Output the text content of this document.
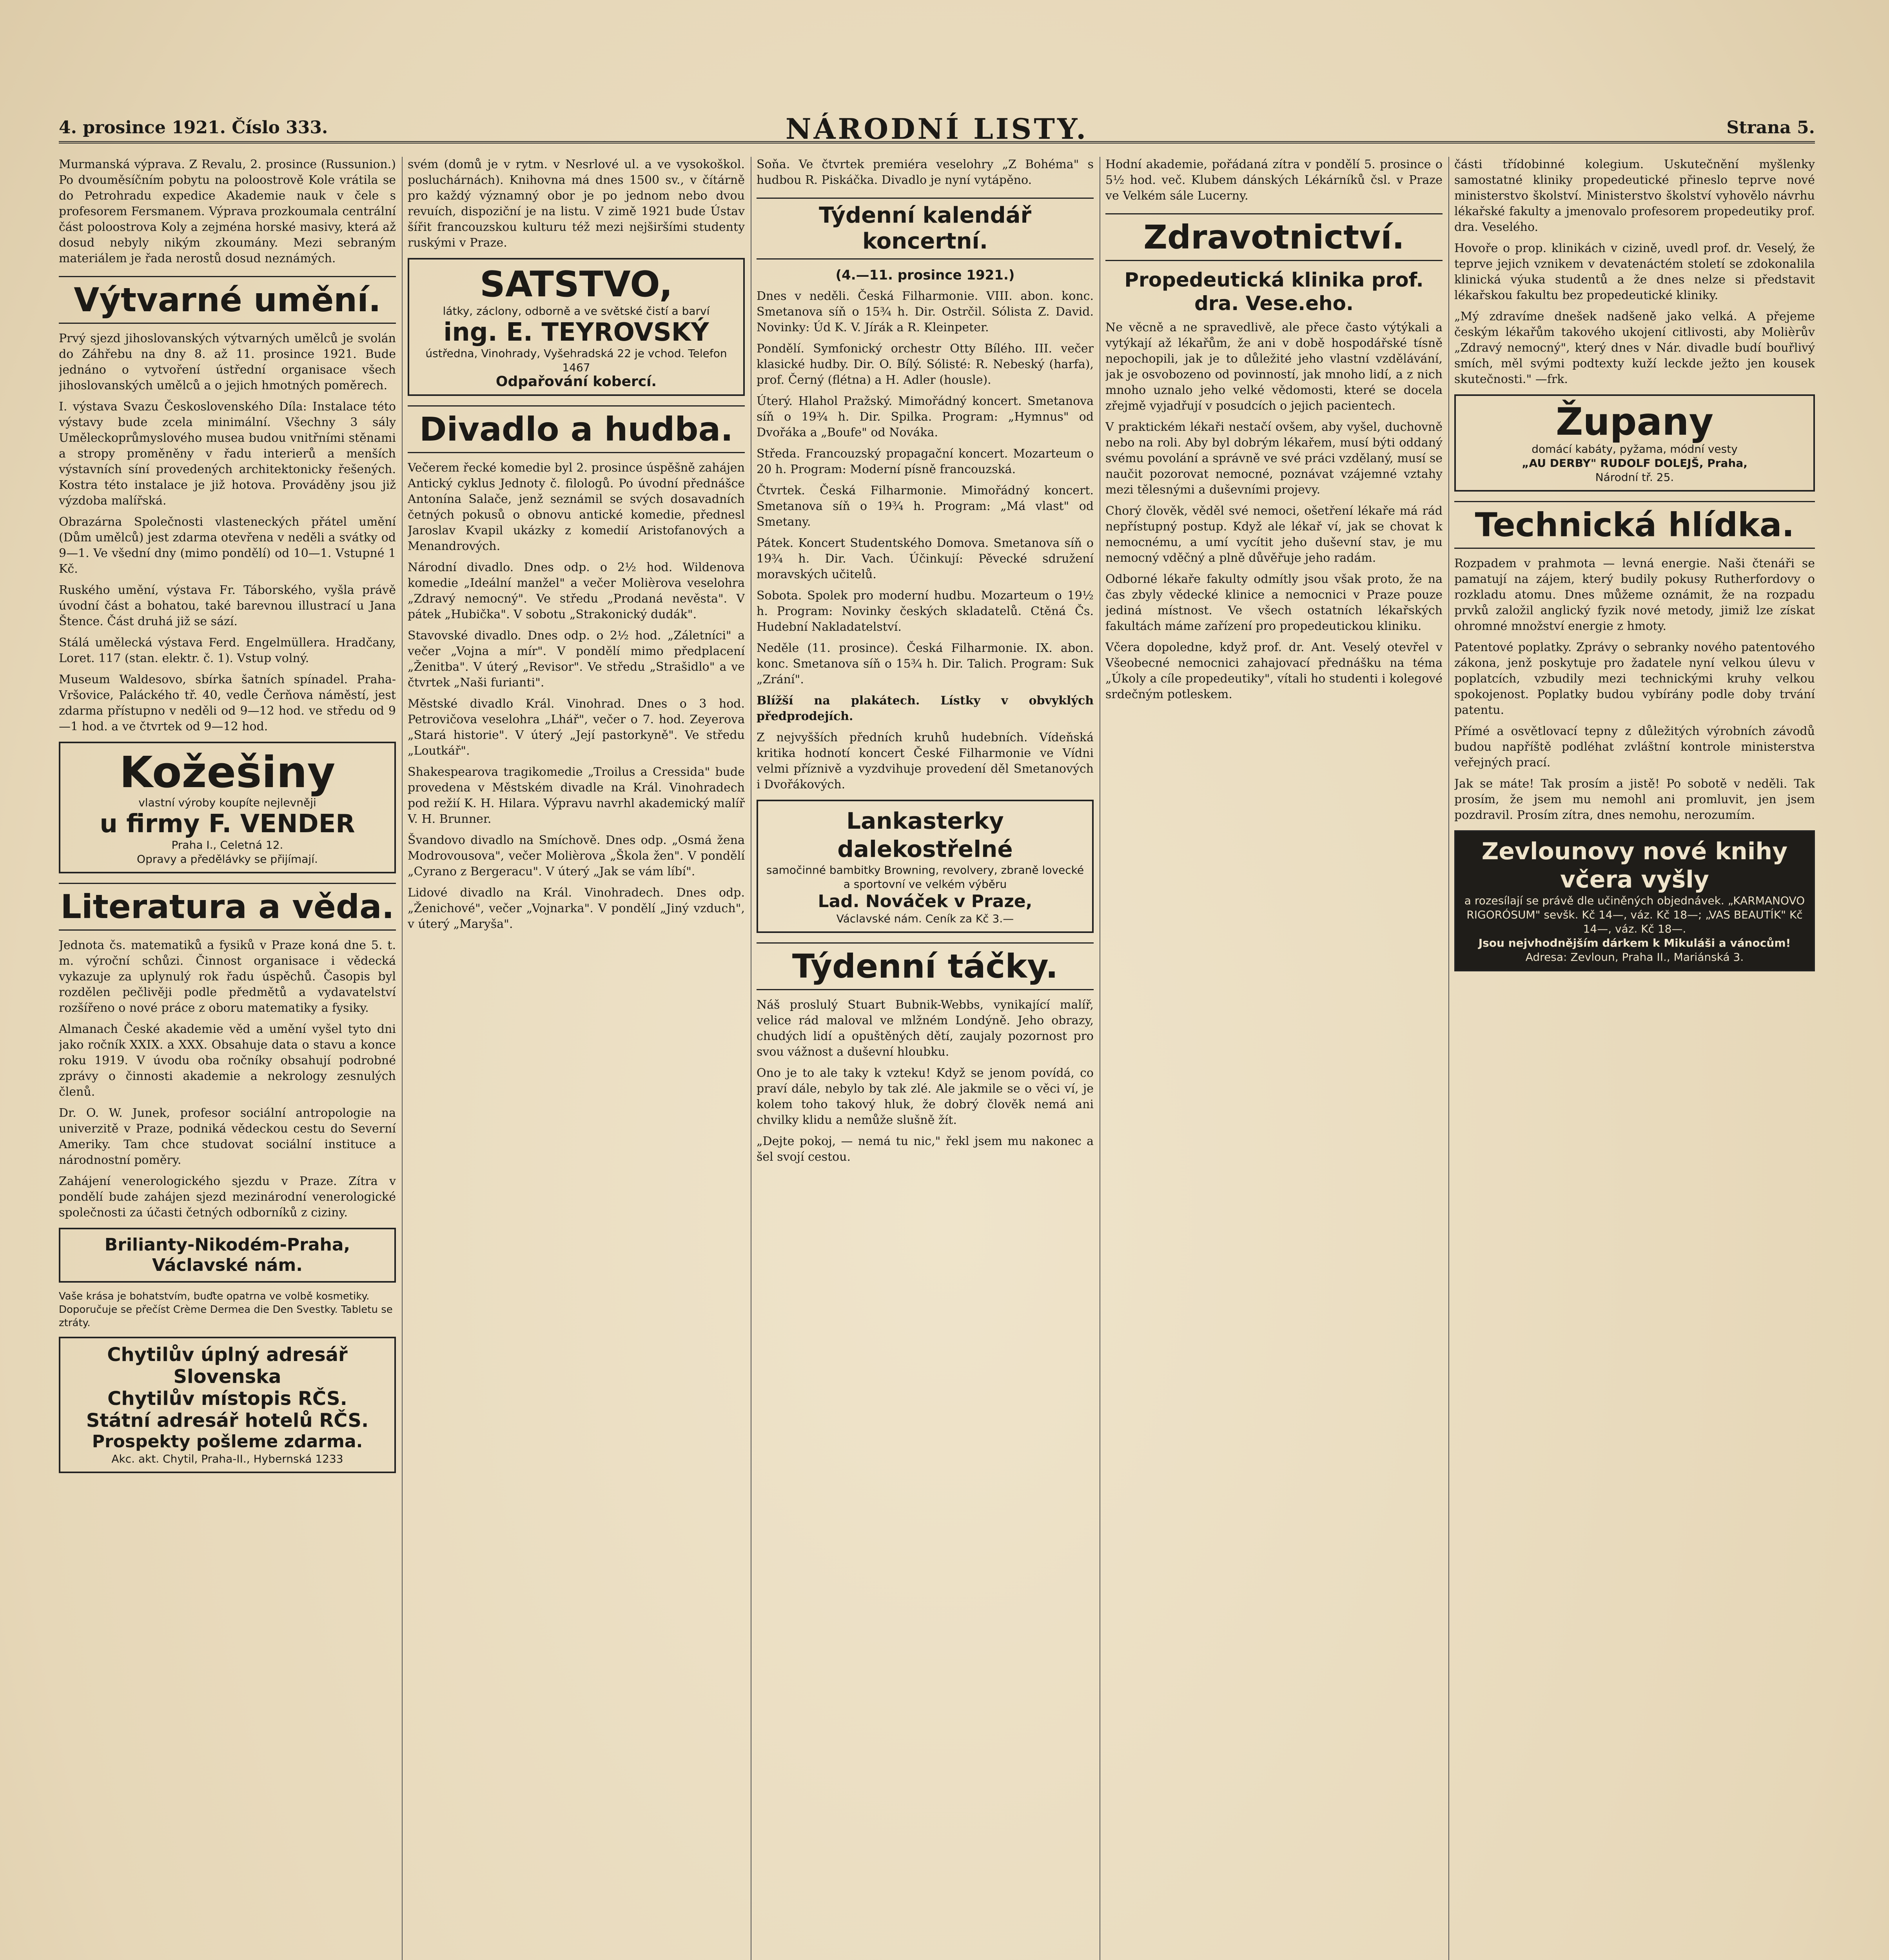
4. prosince 1921. Číslo 333.	NÁRODNÍ LISTY.	Strana 5.

Murmanská výprava. Z Revalu, 2. prosince (Russunion.) Po dvouměsíčním pobytu na poloostrově Kole vrátila se do Petrohradu expedice Akademie nauk v čele s profesorem Fersmanem. Výprava prozkoumala centrální část poloostrova Koly a zejména horské masivy, která až dosud nebyly nikým zkoumány. Mezi sebraným materiálem je řada nerostů dosud neznámých.

Výtvarné umění.

Prvý sjezd jihoslovanských výtvarných umělců je svolán do Záhřebu na dny 8. až 11. prosince 1921. Bude jednáno o vytvoření ústřední organisace všech jihoslovanských umělců a o jejich hmotných poměrech.

I. výstava Svazu Československého Díla: Instalace této výstavy bude zcela minimální. Všechny 3 sály Uměleckoprůmyslového musea budou vnitřními stěnami a stropy proměněny v řadu interierů a menších výstavních síní provedených architektonicky řešených. Kostra této instalace je již hotova. Prováděny jsou již výzdoba malířská.

Obrazárna Společnosti vlasteneckých přátel umění (Dům umělců) jest zdarma otevřena v neděli a svátky od 9—1. Ve všední dny (mimo pondělí) od 10—1. Vstupné 1 Kč.

Ruského umění, výstava Fr. Táborského, vyšla právě úvodní část a bohatou, také barevnou illustrací u Jana Štence. Část druhá již se sází.

Stálá umělecká výstava Ferd. Engelmüllera. Hradčany, Loret. 117 (stan. elektr. č. 1). Vstup volný.

Museum Waldesovo, sbírka šatních spínadel. Praha-Vršovice, Paláckého tř. 40, vedle Čerňova náměstí, jest zdarma přístupno v neděli od 9—12 hod. ve středu od 9—1 hod. a ve čtvrtek od 9—12 hod.

Kožešiny
vlastní výroby koupíte nejlevněji
u firmy F. VENDER
Praha I., Celetná 12.
Opravy a předělávky se přijímají.
Literatura a věda.

Jednota čs. matematiků a fysiků v Praze koná dne 5. t. m. výroční schůzi. Činnost organisace i vědecká vykazuje za uplynulý rok řadu úspěchů. Časopis byl rozdělen pečlivěji podle předmětů a vydavatelství rozšířeno o nové práce z oboru matematiky a fysiky.

Almanach České akademie věd a umění vyšel tyto dni jako ročník XXIX. a XXX. Obsahuje data o stavu a konce roku 1919. V úvodu oba ročníky obsahují podrobné zprávy o činnosti akademie a nekrology zesnulých členů.

Dr. O. W. Junek, profesor sociální antropologie na univerzitě v Praze, podniká vědeckou cestu do Severní Ameriky. Tam chce studovat sociální instituce a národnostní poměry.

Zahájení venerologického sjezdu v Praze. Zítra v pondělí bude zahájen sjezd mezinárodní venerologické společnosti za účasti četných odborníků z ciziny.

Brilianty-Nikodém-Praha, Václavské nám.

Vaše krása je bohatstvím, buďte opatrna ve volbě kosmetiky. Doporučuje se přečíst Crème Dermea die Den Svestky. Tabletu se ztráty.

Chytilův úplný adresář Slovenska
Chytilův místopis RČS.
Státní adresář hotelů RČS.
Prospekty pošleme zdarma.
Akc. akt. Chytil, Praha-II., Hybernská 1233

svém (domů je v rytm. v Nesrlové ul. a ve vysokoškol. posluchárnách). Knihovna má dnes 1500 sv., v čítárně pro každý významný obor je po jednom nebo dvou revuích, dispoziční je na listu. V zimě 1921 bude Ústav šířit francouzskou kulturu též mezi nejširšími studenty ruskými v Praze.

SATSTVO,
látky, záclony, odborně a ve světské čistí a barví
ing. E. TEYROVSKÝ
ústředna, Vinohrady, Vyšehradská 22 je vchod. Telefon 1467
Odpařování kobercí.
Divadlo a hudba.

Večerem řecké komedie byl 2. prosince úspěšně zahájen Antický cyklus Jednoty č. filologů. Po úvodní přednášce Antonína Salače, jenž seznámil se svých dosavadních četných pokusů o obnovu antické komedie, přednesl Jaroslav Kvapil ukázky z komedií Aristofanových a Menandrových.

Národní divadlo. Dnes odp. o 2½ hod. Wildenova komedie „Ideální manžel" a večer Molièrova veselohra „Zdravý nemocný". Ve středu „Prodaná nevěsta". V pátek „Hubička". V sobotu „Strakonický dudák".

Stavovské divadlo. Dnes odp. o 2½ hod. „Záletníci" a večer „Vojna a mír". V pondělí mimo předplacení „Ženitba". V úterý „Revisor". Ve středu „Strašidlo" a ve čtvrtek „Naši furianti".

Městské divadlo Král. Vinohrad. Dnes o 3 hod. Petrovičova veselohra „Lhář", večer o 7. hod. Zeyerova „Stará historie". V úterý „Její pastorkyně". Ve středu „Loutkář".

Shakespearova tragikomedie „Troilus a Cressida" bude provedena v Městském divadle na Král. Vinohradech pod režií K. H. Hilara. Výpravu navrhl akademický malíř V. H. Brunner.

Švandovo divadlo na Smíchově. Dnes odp. „Osmá žena Modrovousova", večer Molièrova „Škola žen". V pondělí „Cyrano z Bergeracu". V úterý „Jak se vám líbí".

Lidové divadlo na Král. Vinohradech. Dnes odp. „Ženichové", večer „Vojnarka". V pondělí „Jiný vzduch", v úterý „Maryša".

Soňa. Ve čtvrtek premiéra veselohry „Z Bohéma" s hudbou R. Piskáčka. Divadlo je nyní vytápěno.

Týdenní kalendář koncertní.
(4.—11. prosince 1921.)

Dnes v neděli. Česká Filharmonie. VIII. abon. konc. Smetanova síň o 15¾ h. Dir. Ostrčil. Sólista Z. David. Novinky: Úd K. V. Jírák a R. Kleinpeter.

Pondělí. Symfonický orchestr Otty Bílého. III. večer klasické hudby. Dir. O. Bílý. Sólisté: R. Nebeský (harfa), prof. Černý (flétna) a H. Adler (housle).

Úterý. Hlahol Pražský. Mimořádný koncert. Smetanova síň o 19¾ h. Dir. Spilka. Program: „Hymnus" od Dvořáka a „Boufe" od Nováka.

Středa. Francouzský propagační koncert. Mozarteum o 20 h. Program: Moderní písně francouzská.

Čtvrtek. Česká Filharmonie. Mimořádný koncert. Smetanova síň o 19¾ h. Program: „Má vlast" od Smetany.

Pátek. Koncert Studentského Domova. Smetanova síň o 19¾ h. Dir. Vach. Účinkují: Pěvecké sdružení moravských učitelů.

Sobota. Spolek pro moderní hudbu. Mozarteum o 19½ h. Program: Novinky českých skladatelů. Ctěná Čs. Hudební Nakladatelství.

Neděle (11. prosince). Česká Filharmonie. IX. abon. konc. Smetanova síň o 15¾ h. Dir. Talich. Program: Suk „Zrání".

Blížší na plakátech. Lístky v obvyklých předprodejích.

Z nejvyšších předních kruhů hudebních. Vídeňská kritika hodnotí koncert České Filharmonie ve Vídni velmi příznivě a vyzdvihuje provedení děl Smetanových i Dvořákových.

Lankasterky dalekostřelné
samočinné bambitky Browning, revolvery, zbraně lovecké a sportovní ve velkém výběru
Lad. Nováček v Praze,
Václavské nám. Ceník za Kč 3.—
Týdenní táčky.

Náš proslulý Stuart Bubnik-Webbs, vynikající malíř, velice rád maloval ve mlžném Londýně. Jeho obrazy, chudých lidí a opuštěných dětí, zaujaly pozornost pro svou vážnost a duševní hloubku.

Ono je to ale taky k vzteku! Když se jenom povídá, co praví dále, nebylo by tak zlé. Ale jakmile se o věci ví, je kolem toho takový hluk, že dobrý člověk nemá ani chvilky klidu a nemůže slušně žít.

„Dejte pokoj, — nemá tu nic," řekl jsem mu nakonec a šel svojí cestou.

Hodní akademie, pořádaná zítra v pondělí 5. prosince o 5½ hod. več. Klubem dánských Lékárníků čsl. v Praze ve Velkém sále Lucerny.

Zdravotnictví.
Propedeutická klinika prof. dra. Vese.eho.

Ne věcně a ne spravedlivě, ale přece často výtýkali a vytýkají až lékařům, že ani v době hospodářské tísně nepochopili, jak je to důležité jeho vlastní vzdělávání, jak je osvobozeno od povinností, jak mnoho lidí, a z nich mnoho uznalo jeho velké vědomosti, které se docela zřejmě vyjadřují v posudcích o jejich pacientech.

V praktickém lékaři nestačí ovšem, aby vyšel, duchovně nebo na roli. Aby byl dobrým lékařem, musí býti oddaný svému povolání a správně ve své práci vzdělaný, musí se naučit pozorovat nemocné, poznávat vzájemné vztahy mezi tělesnými a duševními projevy.

Chorý člověk, věděl své nemoci, ošetření lékaře má rád nepřístupný postup. Když ale lékař ví, jak se chovat k nemocnému, a umí vycítit jeho duševní stav, je mu nemocný vděčný a plně důvěřuje jeho radám.

Odborné lékaře fakulty odmítly jsou však proto, že na čas zbyly vědecké klinice a nemocnici v Praze pouze jediná místnost. Ve všech ostatních lékařských fakultách máme zařízení pro propedeutickou kliniku.

Včera dopoledne, když prof. dr. Ant. Veselý otevřel v Všeobecné nemocnici zahajovací přednášku na téma „Úkoly a cíle propedeutiky", vítali ho studenti i kolegové srdečným potleskem.

části třídobinné kolegium. Uskutečnění myšlenky samostatné kliniky propedeutické přineslo teprve nové ministerstvo školství. Ministerstvo školství vyhovělo návrhu lékařské fakulty a jmenovalo profesorem propedeutiky prof. dra. Veselého.

Hovoře o prop. klinikách v cizině, uvedl prof. dr. Veselý, že teprve jejich vznikem v devatenáctém století se zdokonalila klinická výuka studentů a že dnes nelze si představit lékařskou fakultu bez propedeutické kliniky.

„Mý zdravíme dnešek nadšeně jako velká. A přejeme českým lékařům takového ukojení citlivosti, aby Molièrův „Zdravý nemocný", který dnes v Nár. divadle budí bouřlivý smích, měl svými podtexty kuží leckde ježto jen kousek skutečnosti." —frk.

Župany
domácí kabáty, pyžama, módní vesty
„AU DERBY" RUDOLF DOLEJŠ, Praha,
Národní tř. 25.
Technická hlídka.

Rozpadem v prahmota — levná energie. Naši čtenáři se pamatují na zájem, který budily pokusy Rutherfordovy o rozkladu atomu. Dnes můžeme oznámit, že na rozpadu prvků založil anglický fyzik nové metody, jimiž lze získat ohromné množství energie z hmoty.

Patentové poplatky. Zprávy o sebranky nového patentového zákona, jenž poskytuje pro žadatele nyní velkou úlevu v poplatcích, vzbudily mezi technickými kruhy velkou spokojenost. Poplatky budou vybírány podle doby trvání patentu.

Přímé a osvětlovací tepny z důležitých výrobních závodů budou napříště podléhat zvláštní kontrole ministerstva veřejných prací.

Jak se máte! Tak prosím a jistě! Po sobotě v neděli. Tak prosím, že jsem mu nemohl ani promluvit, jen jsem pozdravil. Prosím zítra, dnes nemohu, nerozumím.

Zevlounovy nové knihy včera vyšly
a rozesílají se právě dle učiněných objednávek. „KARMANOVO RIGORÓSUM" sevšk. Kč 14—, váz. Kč 18—; „VAS BEAUTÍK" Kč 14—, váz. Kč 18—.
Jsou nejvhodnějším dárkem k Mikuláši a vánocům!
Adresa: Zevloun, Praha II., Mariánská 3.
